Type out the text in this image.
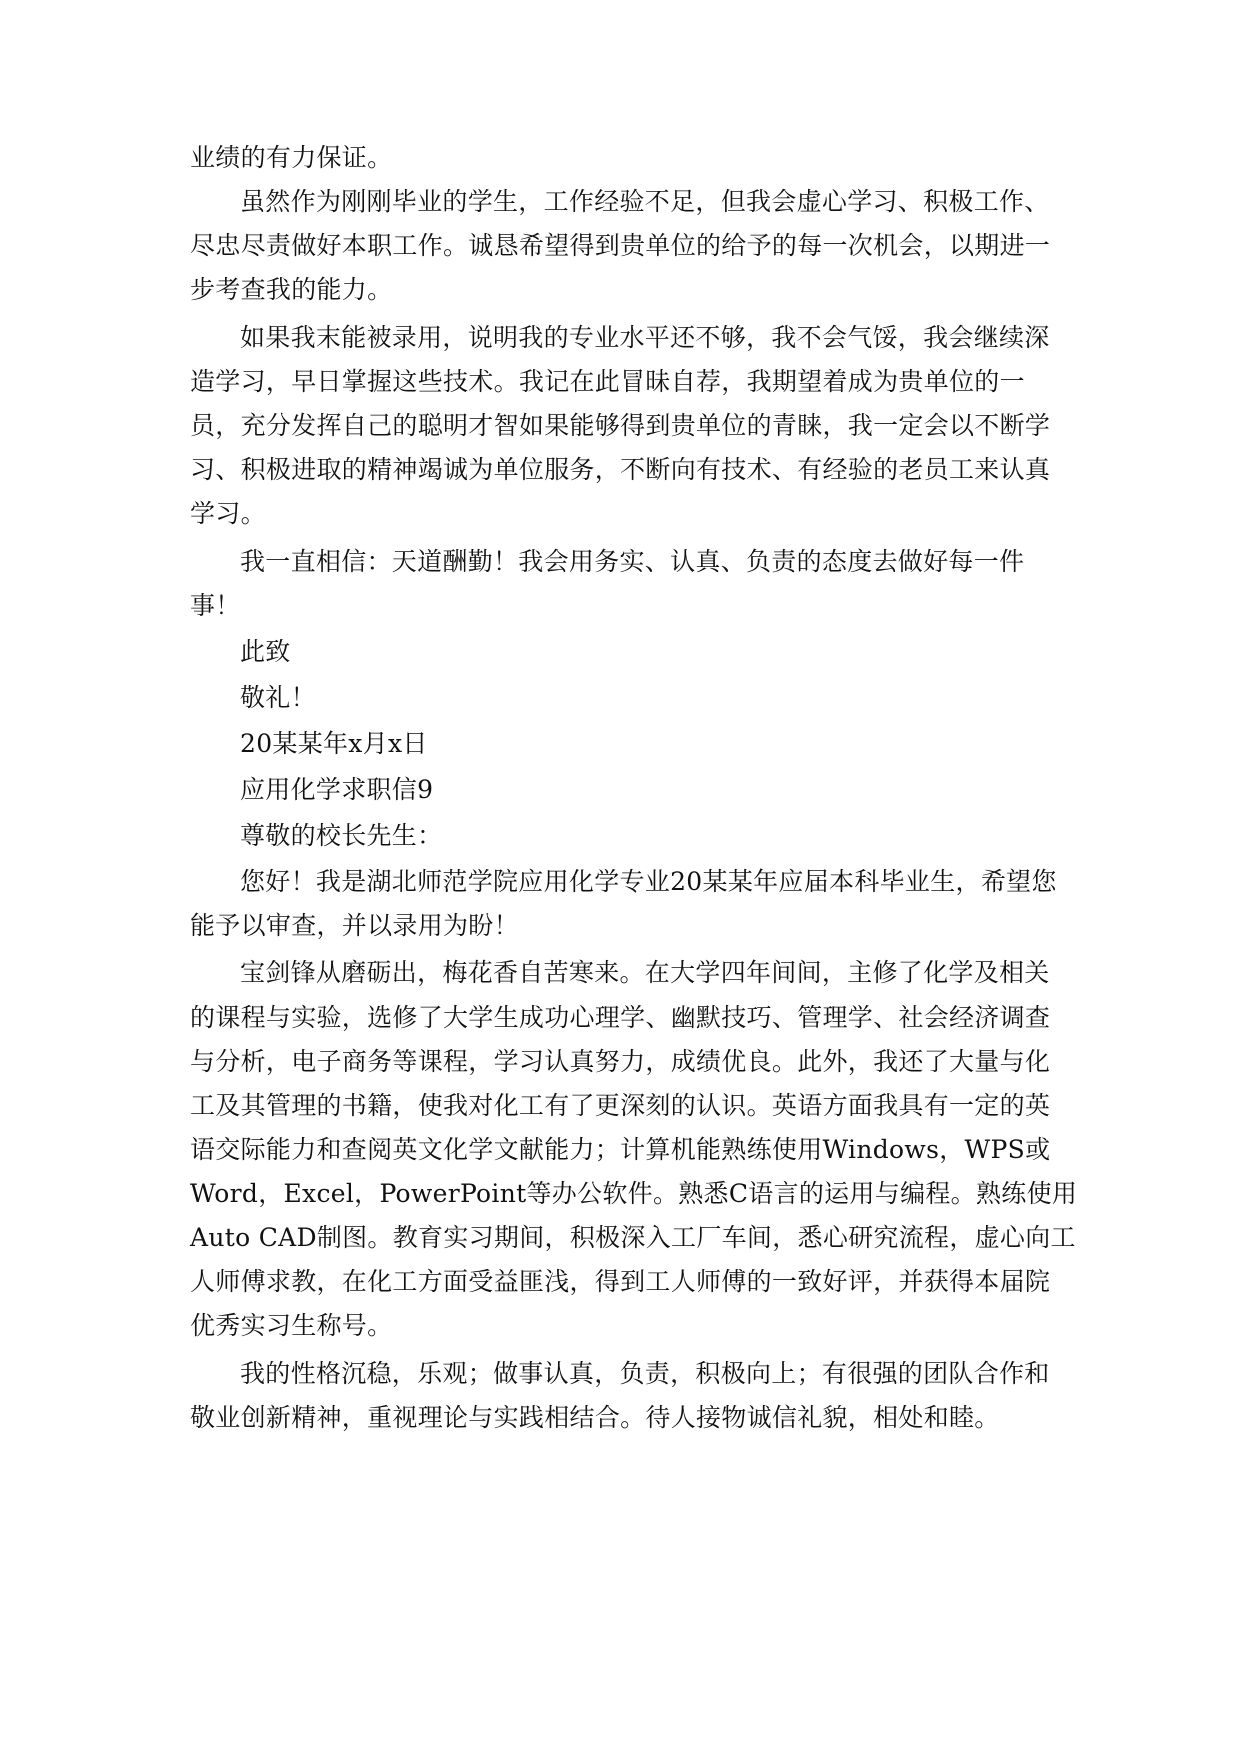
业绩的有力保证。
虽然作为刚刚毕业的学生，工作经验不足，但我会虚心学习、积极工作、
尽忠尽责做好本职工作。诚恳希望得到贵单位的给予的每一次机会，以期进一
步考查我的能力。
如果我末能被录用，说明我的专业水平还不够，我不会气馁，我会继续深
造学习，早日掌握这些技术。我记在此冒昧自荐，我期望着成为贵单位的一
员，充分发挥自己的聪明才智如果能够得到贵单位的青睐，我一定会以不断学
习、积极进取的精神竭诚为单位服务，不断向有技术、有经验的老员工来认真
学习。
我一直相信：天道酬勤！我会用务实、认真、负责的态度去做好每一件
事！
此致
敬礼！
20某某年x月x日
应用化学求职信9
尊敬的校长先生：
您好！我是湖北师范学院应用化学专业20某某年应届本科毕业生，希望您
能予以审查，并以录用为盼！
宝剑锋从磨砺出，梅花香自苦寒来。在大学四年间间，主修了化学及相关
的课程与实验，选修了大学生成功心理学、幽默技巧、管理学、社会经济调查
与分析，电子商务等课程，学习认真努力，成绩优良。此外，我还了大量与化
工及其管理的书籍，使我对化工有了更深刻的认识。英语方面我具有一定的英
语交际能力和查阅英文化学文献能力；计算机能熟练使用Windows，WPS或
Word，Excel，PowerPoint等办公软件。熟悉C语言的运用与编程。熟练使用
Auto CAD制图。教育实习期间，积极深入工厂车间，悉心研究流程，虚心向工
人师傅求教，在化工方面受益匪浅，得到工人师傅的一致好评，并获得本届院
优秀实习生称号。
我的性格沉稳，乐观；做事认真，负责，积极向上；有很强的团队合作和
敬业创新精神，重视理论与实践相结合。待人接物诚信礼貌，相处和睦。
